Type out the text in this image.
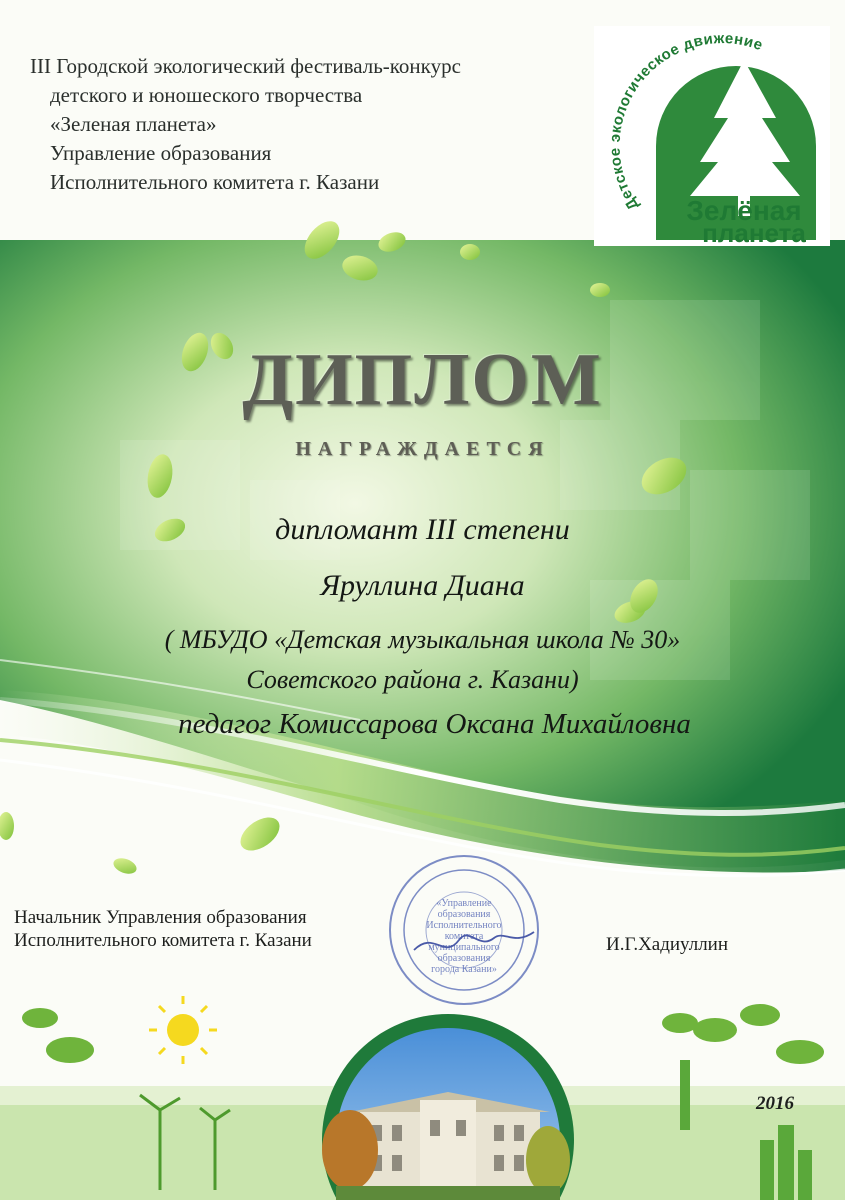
III Городской экологический фестиваль-конкурс
детского и юношеского творчества
«Зеленая планета»
Управление образования
Исполнительного комитета г. Казани
Детское экологическое движение
Зелёная
планета
ДИПЛОМ
НАГРАЖДАЕТСЯ
дипломант III степени
Яруллина Диана
( МБУДО «Детская музыкальная школа № 30»
Советского района г. Казани)
педагог Комиссарова Оксана Михайловна
Начальник Управления образования
Исполнительного комитета г. Казани	И.Г.Хадиуллин
«Управление
образования
Исполнительного
комитета
муниципального
образования
города Казани»
2016
